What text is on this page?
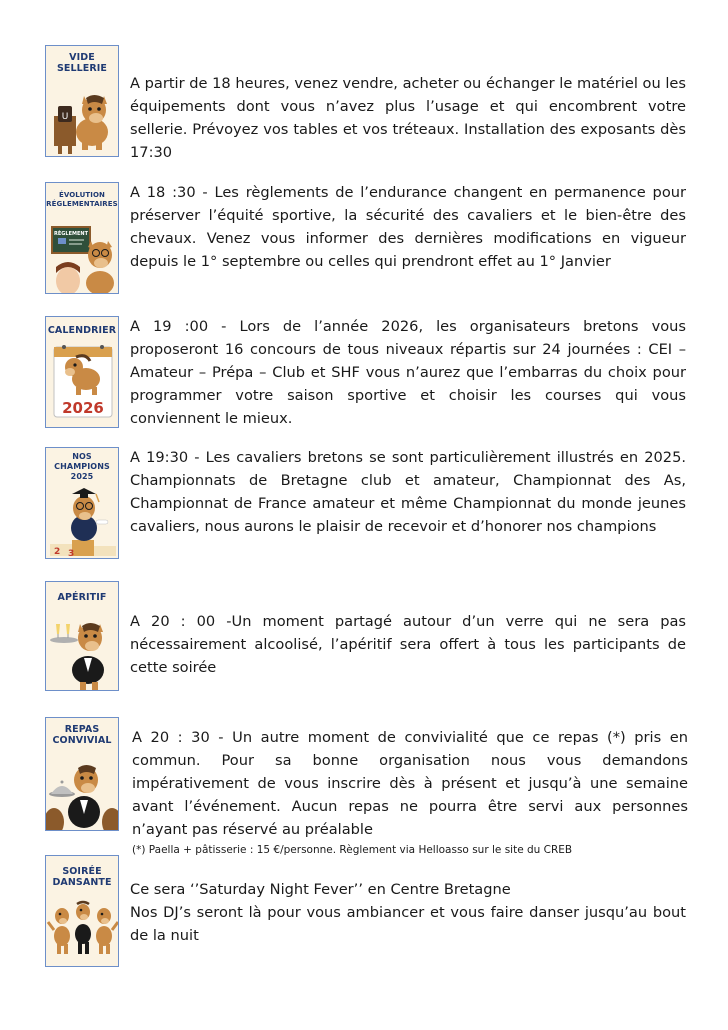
VIDE
SELLERIE
U

A partir de 18 heures, venez vendre, acheter ou échanger le matériel ou les équipements dont vous n’avez plus l’usage et qui encombrent votre sellerie. Prévoyez vos tables et vos tréteaux. Installation des exposants dès 17:30

ÉVOLUTION
RÉGLEMENTAIRES
RÈGLEMENT

A 18 :30 - Les règlements de l’endurance changent en permanence pour préserver l’équité sportive, la sécurité des cavaliers et le bien-être des chevaux. Venez vous informer des dernières modifications en vigueur depuis le 1° septembre ou celles qui prendront effet au 1° Janvier

CALENDRIER
2026

A 19 :00 - Lors de l’année 2026, les organisateurs bretons vous proposeront 16 concours de tous niveaux répartis sur 24 journées : CEI – Amateur – Prépa – Club et SHF vous n’aurez que l’embarras du choix pour programmer votre saison sportive et choisir les courses qui vous conviennent le mieux.

NOS
CHAMPIONS
2025
2 3

A 19:30 - Les cavaliers bretons se sont particulièrement illustrés en 2025. Championnats de Bretagne club et amateur, Championnat des As, Championnat de France amateur et même Championnat du monde jeunes cavaliers, nous aurons le plaisir de recevoir et d’honorer nos champions

APÉRITIF

A 20 : 00 -Un moment partagé autour d’un verre qui ne sera pas nécessairement alcoolisé, l’apéritif sera offert à tous les participants de cette soirée

REPAS
CONVIVIAL	A 20 : 30 - Un autre moment de convivialité que ce repas (*) pris en commun. Pour sa bonne organisation nous vous demandons impérativement de vous inscrire dès à présent et jusqu’à une semaine avant l’événement. Aucun repas ne pourra être servi aux personnes n’ayant pas réservé au préalable

(*) Paella + pâtisserie : 15 €/personne. Règlement via Helloasso sur le site du CREB

SOIRÉE
DANSANTE	Ce sera ‘’Saturday Night Fever’’ en Centre Bretagne

Nos DJ’s seront là pour vous ambiancer et vous faire danser jusqu’au bout de la nuit
